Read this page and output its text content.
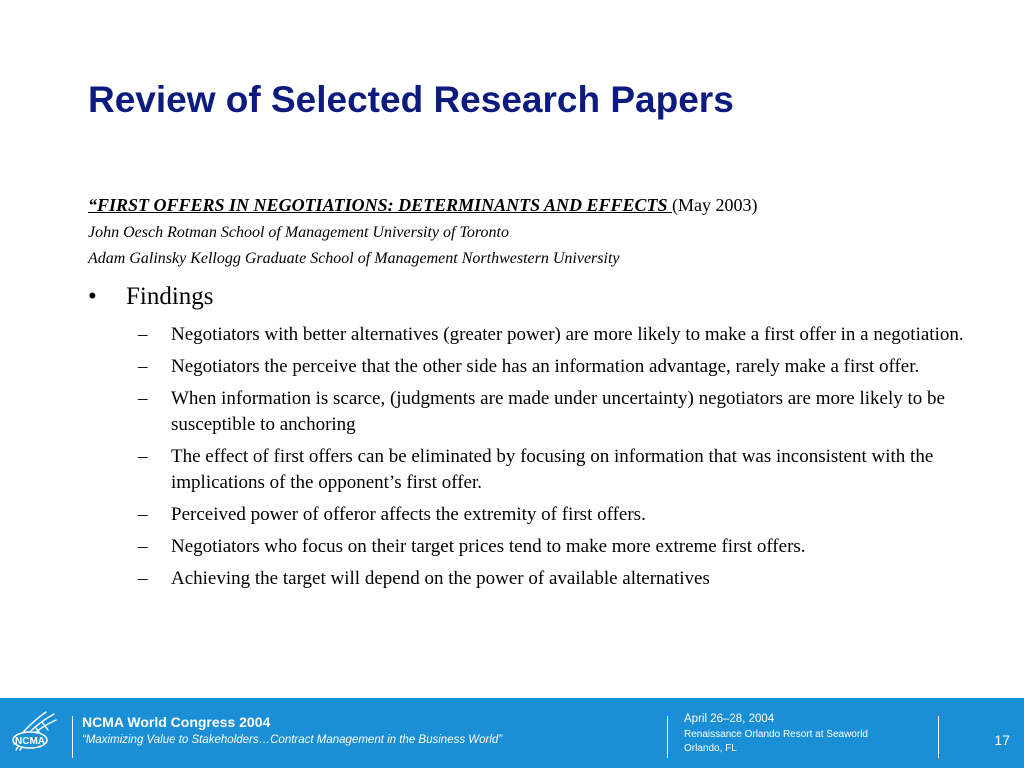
Review of Selected Research Papers
“FIRST OFFERS IN NEGOTIATIONS: DETERMINANTS AND EFFECTS (May 2003)
John Oesch Rotman School of Management University of Toronto
Adam Galinsky Kellogg Graduate School of Management Northwestern University
• Findings
– Negotiators with better alternatives (greater power) are more likely to make a first offer in a negotiation.
– Negotiators the perceive that the other side has an information advantage, rarely make a first offer.
– When information is scarce, (judgments are made under uncertainty) negotiators are more likely to be susceptible to anchoring
– The effect of first offers can be eliminated by focusing on information that was inconsistent with the implications of the opponent’s first offer.
– Perceived power of offeror affects the extremity of first offers.
– Negotiators who focus on their target prices tend to make more extreme first offers.
– Achieving the target will depend on the power of available alternatives
NCMA
NCMA World Congress 2004
“Maximizing Value to Stakeholders…Contract Management in the Business World”
April 26–28, 2004
Renaissance Orlando Resort at Seaworld
Orlando, FL
17
